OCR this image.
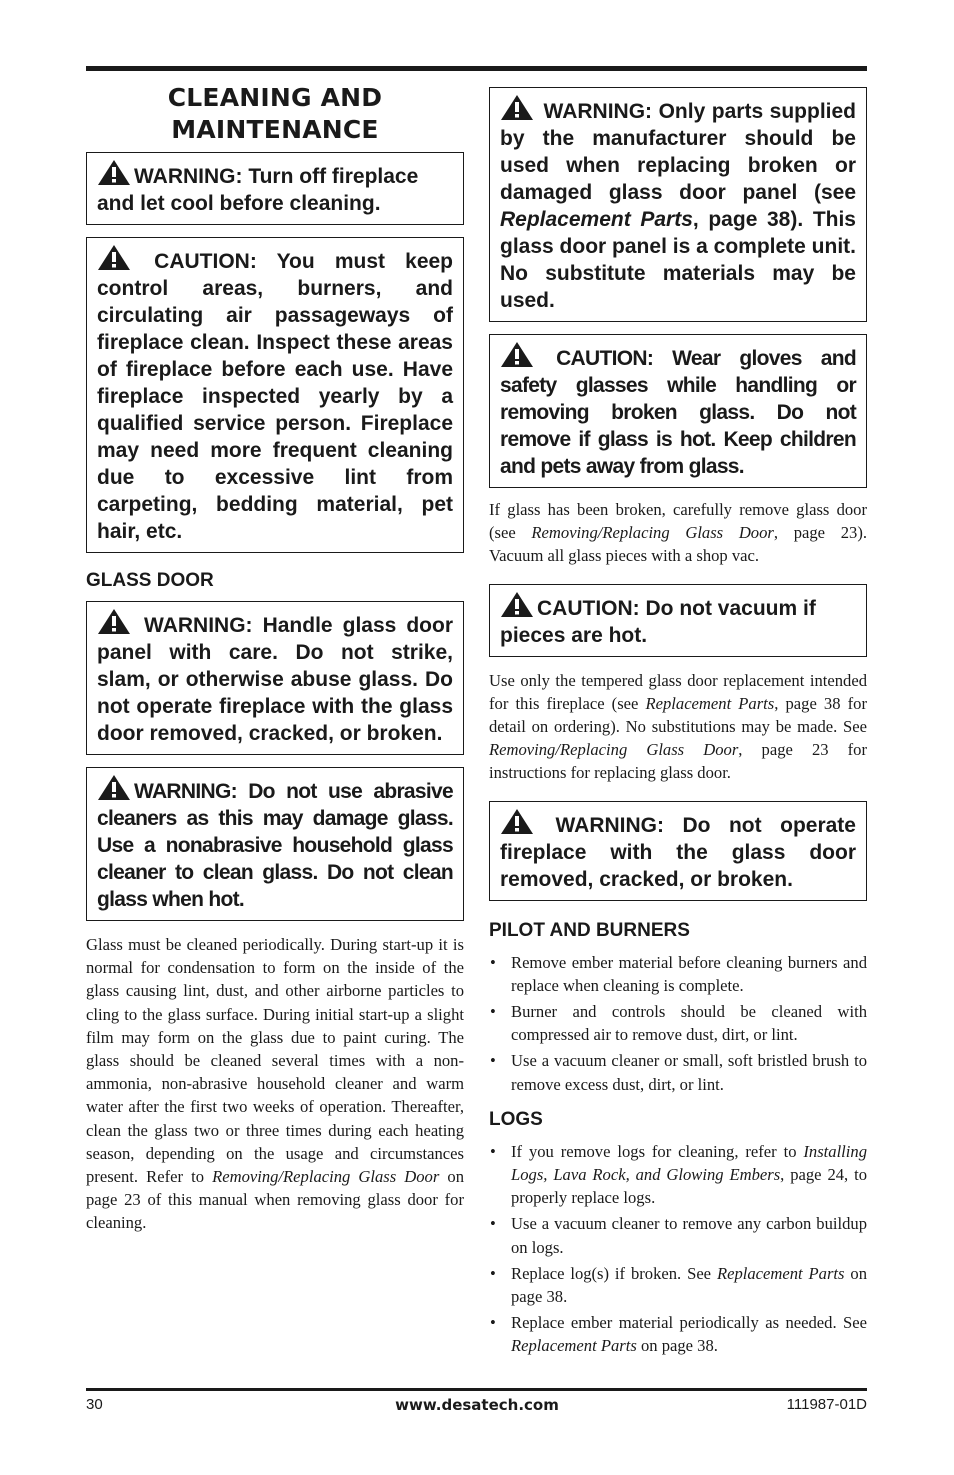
CLEANING AND
MAINTENANCE
WARNING: Turn off fireplace and let cool before cleaning.
CAUTION: You must keep control areas, burners, and circulating air passageways of fireplace clean. Inspect these areas of fireplace before each use. Have fireplace inspected yearly by a qualified service person. Fireplace may need more frequent cleaning due to excessive lint from carpeting, bedding material, pet hair, etc.
GLASS DOOR
WARNING: Handle glass door panel with care. Do not strike, slam, or otherwise abuse glass. Do not operate fireplace with the glass door removed, cracked, or broken.
WARNING: Do not use abrasive cleaners as this may damage glass. Use a nonabrasive household glass cleaner to clean glass. Do not clean glass when hot.

Glass must be cleaned periodically. During start-up it is normal for condensation to form on the inside of the glass causing lint, dust, and other airborne particles to cling to the glass surface. During initial start-up a slight film may form on the glass due to paint curing. The glass should be cleaned several times with a non-ammonia, non-abrasive household cleaner and warm water after the first two weeks of operation. Thereafter, clean the glass two or three times during each heating season, depending on the usage and circumstances present. Refer to Removing/Replacing Glass Door on page 23 of this manual when removing glass door for cleaning.

WARNING: Only parts supplied by the manufacturer should be used when replacing broken or damaged glass door panel (see Replacement Parts, page 38). This glass door panel is a complete unit. No substitute materials may be used.
CAUTION: Wear gloves and safety glasses while handling or removing broken glass. Do not remove if glass is hot. Keep children and pets away from glass.

If glass has been broken, carefully remove glass door (see Removing/Replacing Glass Door, page 23). Vacuum all glass pieces with a shop vac.

CAUTION: Do not vacuum if pieces are hot.

Use only the tempered glass door replacement intended for this fireplace (see Replacement Parts, page 38 for detail on ordering). No substitutions may be made. See Removing/Replacing Glass Door, page 23 for instructions for replacing glass door.

WARNING: Do not operate fireplace with the glass door removed, cracked, or broken.
PILOT AND BURNERS
• Remove ember material before cleaning burners and replace when cleaning is complete.
• Burner and controls should be cleaned with compressed air to remove dust, dirt, or lint.
• Use a vacuum cleaner or small, soft bristled brush to remove excess dust, dirt, or lint.
LOGS
• If you remove logs for cleaning, refer to Installing Logs, Lava Rock, and Glowing Embers, page 24, to properly replace logs.
• Use a vacuum cleaner to remove any carbon buildup on logs.
• Replace log(s) if broken. See Replacement Parts on page 38.
• Replace ember material periodically as needed. See Replacement Parts on page 38.
30	www.desatech.com	111987-01D
